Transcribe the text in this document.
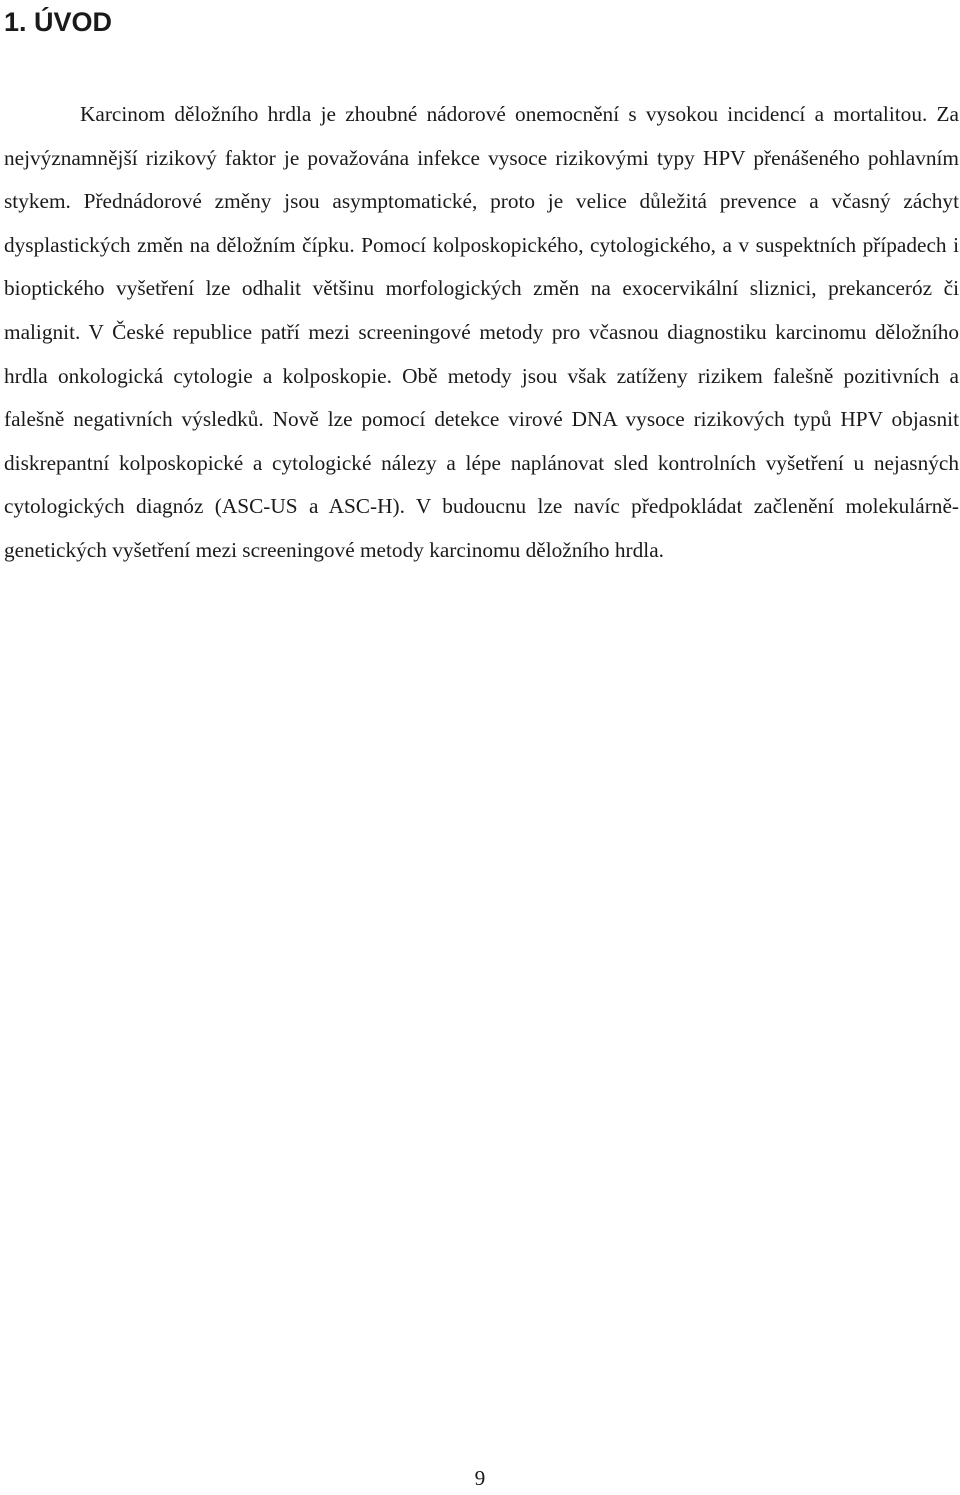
1. ÚVOD

Karcinom děložního hrdla je zhoubné nádorové onemocnění s vysokou incidencí a mortalitou. Za nejvýznamnější rizikový faktor je považována infekce vysoce rizikovými typy HPV přenášeného pohlavním stykem. Přednádorové změny jsou asymptomatické, proto je velice důležitá prevence a včasný záchyt dysplastických změn na děložním čípku. Pomocí kolposkopického, cytologického, a v suspektních případech i bioptického vyšetření lze odhalit většinu morfologických změn na exocervikální sliznici, prekanceróz či malignit. V České republice patří mezi screeningové metody pro včasnou diagnostiku karcinomu děložního hrdla onkologická cytologie a kolposkopie. Obě metody jsou však zatíženy rizikem falešně pozitivních a falešně negativních výsledků. Nově lze pomocí detekce virové DNA vysoce rizikových typů HPV objasnit diskrepantní kolposkopické a cytologické nálezy a lépe naplánovat sled kontrolních vyšetření u nejasných cytologických diagnóz (ASC-US a ASC-H). V budoucnu lze navíc předpokládat začlenění molekulárně-genetických vyšetření mezi screeningové metody karcinomu děložního hrdla.

9
